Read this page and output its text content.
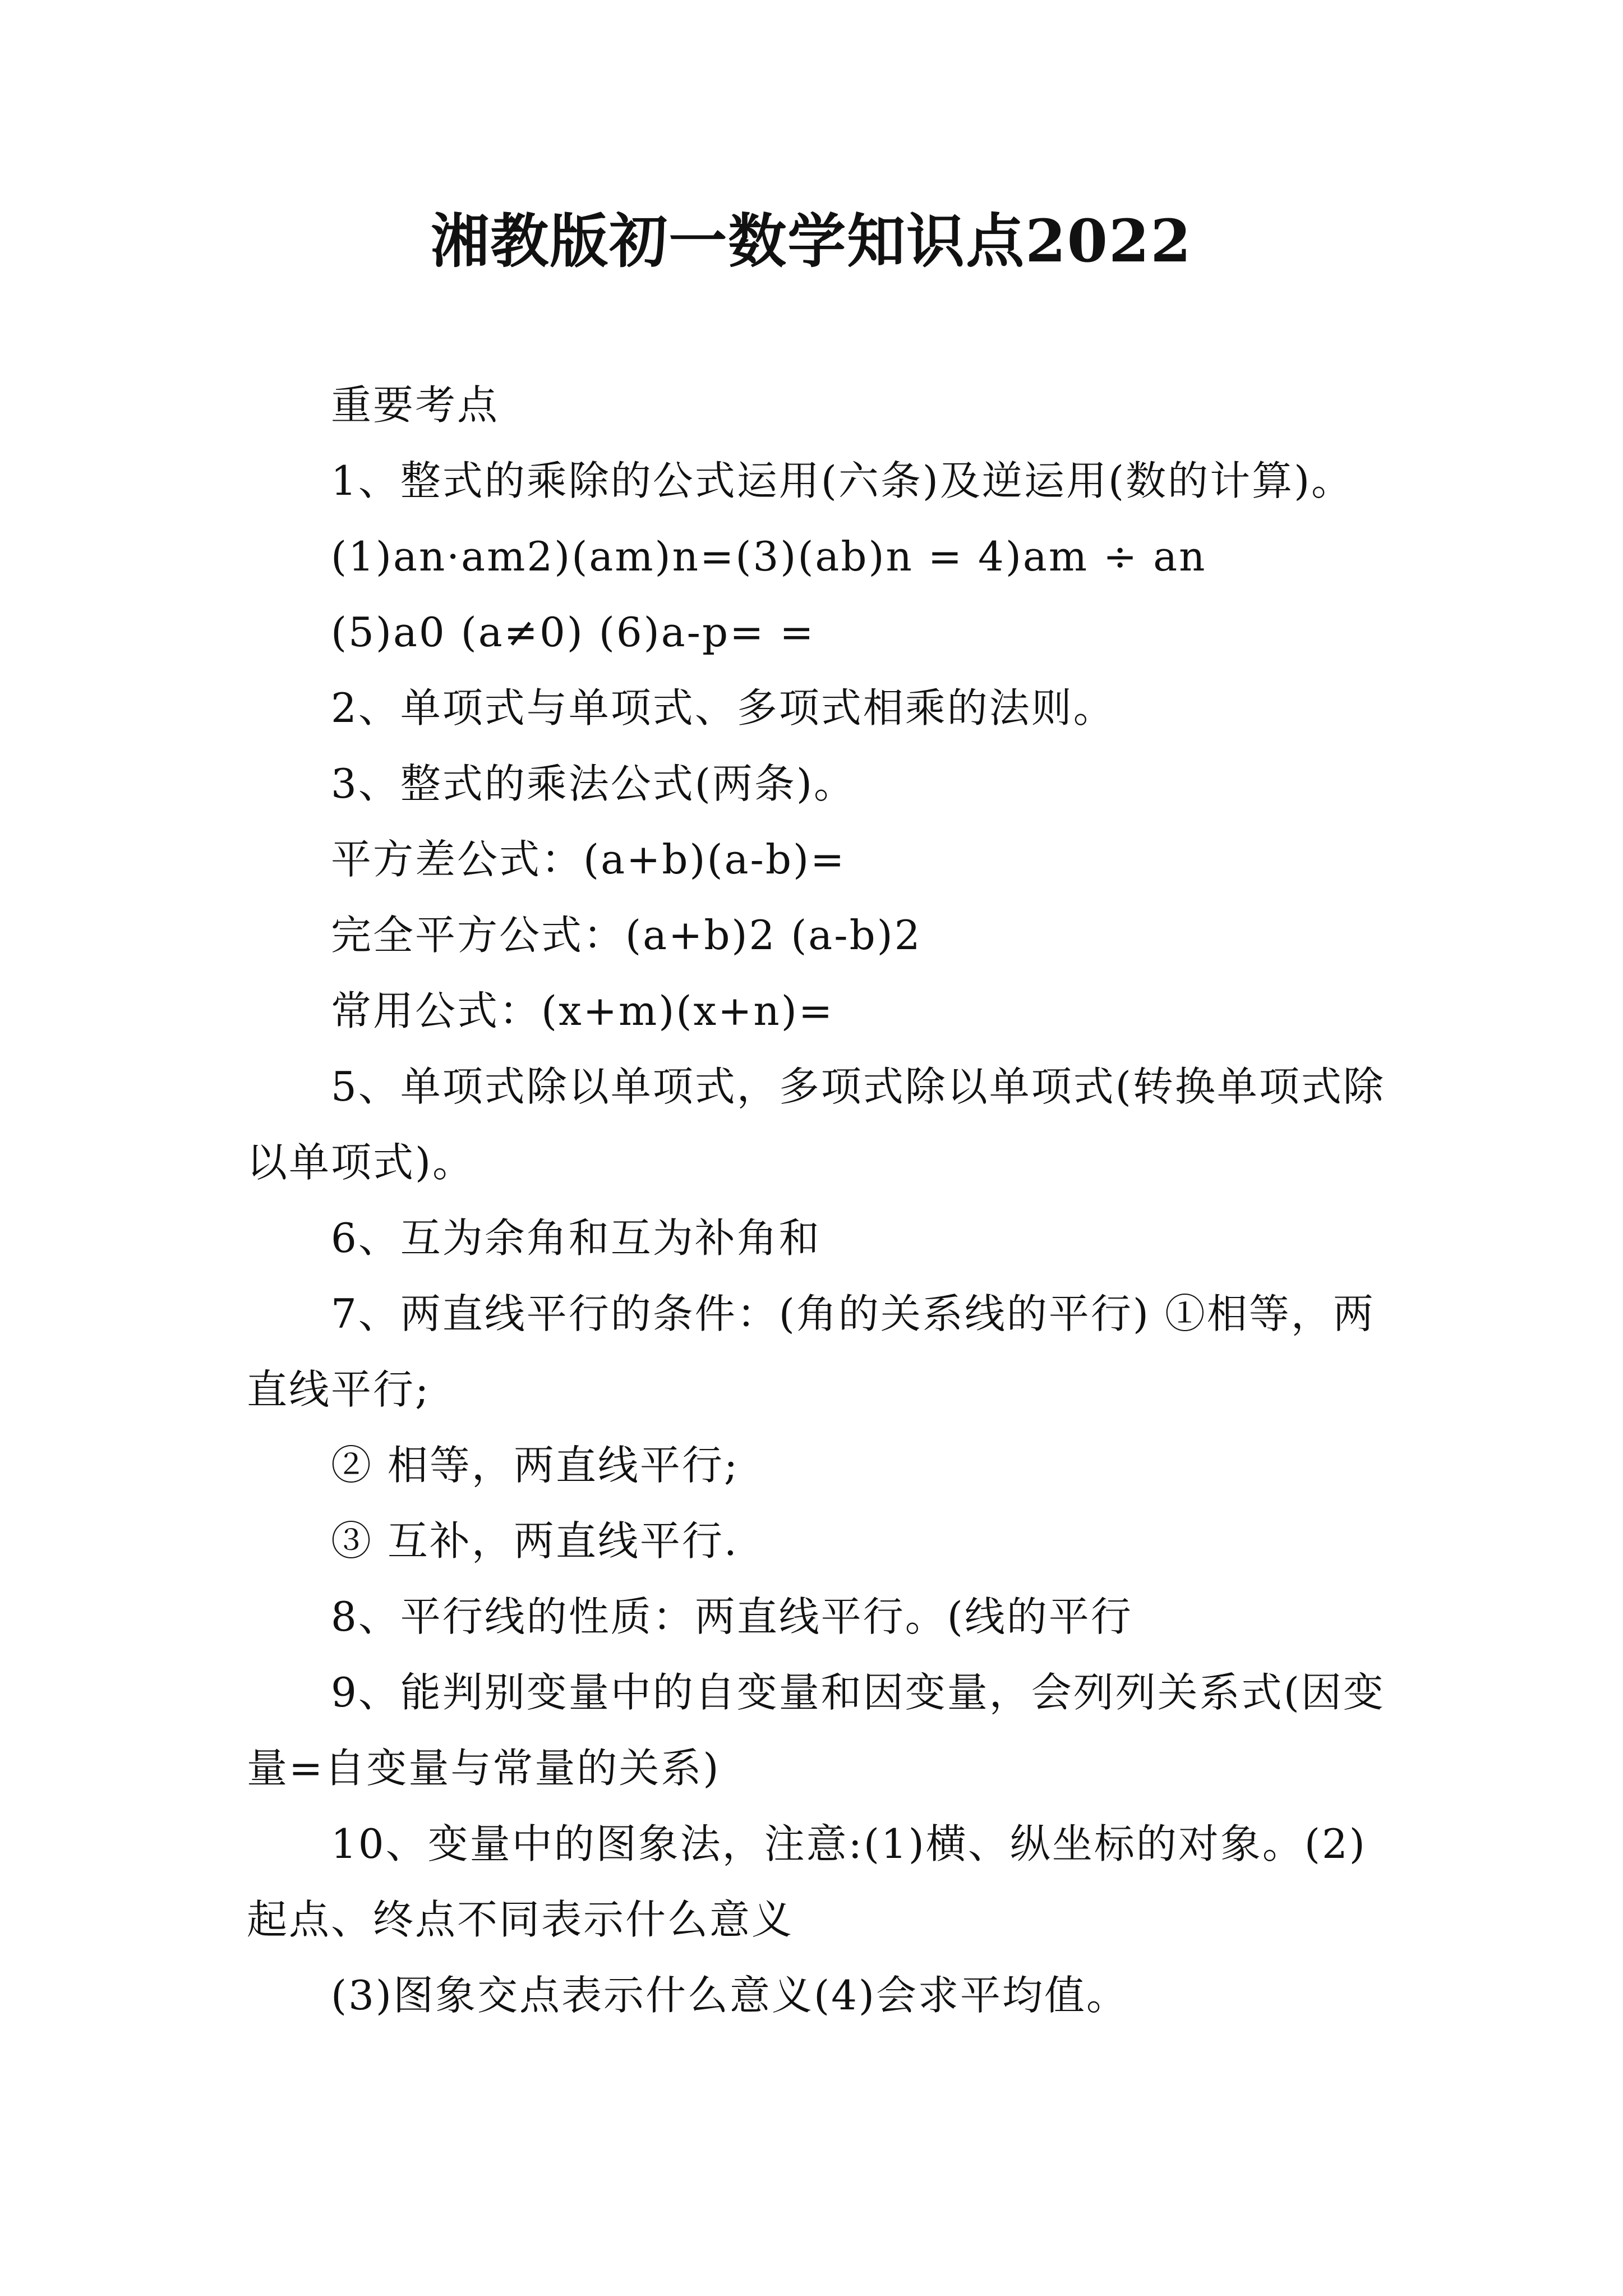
湘教版初一数学知识点2022

重要考点

1、整式的乘除的公式运用(六条)及逆运用(数的计算)。

(1)an·am2)(am)n=(3)(ab)n = 4)am ÷ an

(5)a0 (a≠0) (6)a-p= =

2、单项式与单项式、多项式相乘的法则。

3、整式的乘法公式(两条)。

平方差公式：(a+b)(a-b)=

完全平方公式：(a+b)2 (a-b)2

常用公式：(x+m)(x+n)=

5、单项式除以单项式，多项式除以单项式(转换单项式除以单项式)。

6、互为余角和互为补角和

7、两直线平行的条件：(角的关系线的平行) ①相等，两直线平行;

② 相等，两直线平行;

③ 互补，两直线平行.

8、平行线的性质：两直线平行。(线的平行

9、能判别变量中的自变量和因变量，会列列关系式(因变量=自变量与常量的关系)

10、变量中的图象法，注意:(1)横、纵坐标的对象。(2)起点、终点不同表示什么意义

(3)图象交点表示什么意义(4)会求平均值。
